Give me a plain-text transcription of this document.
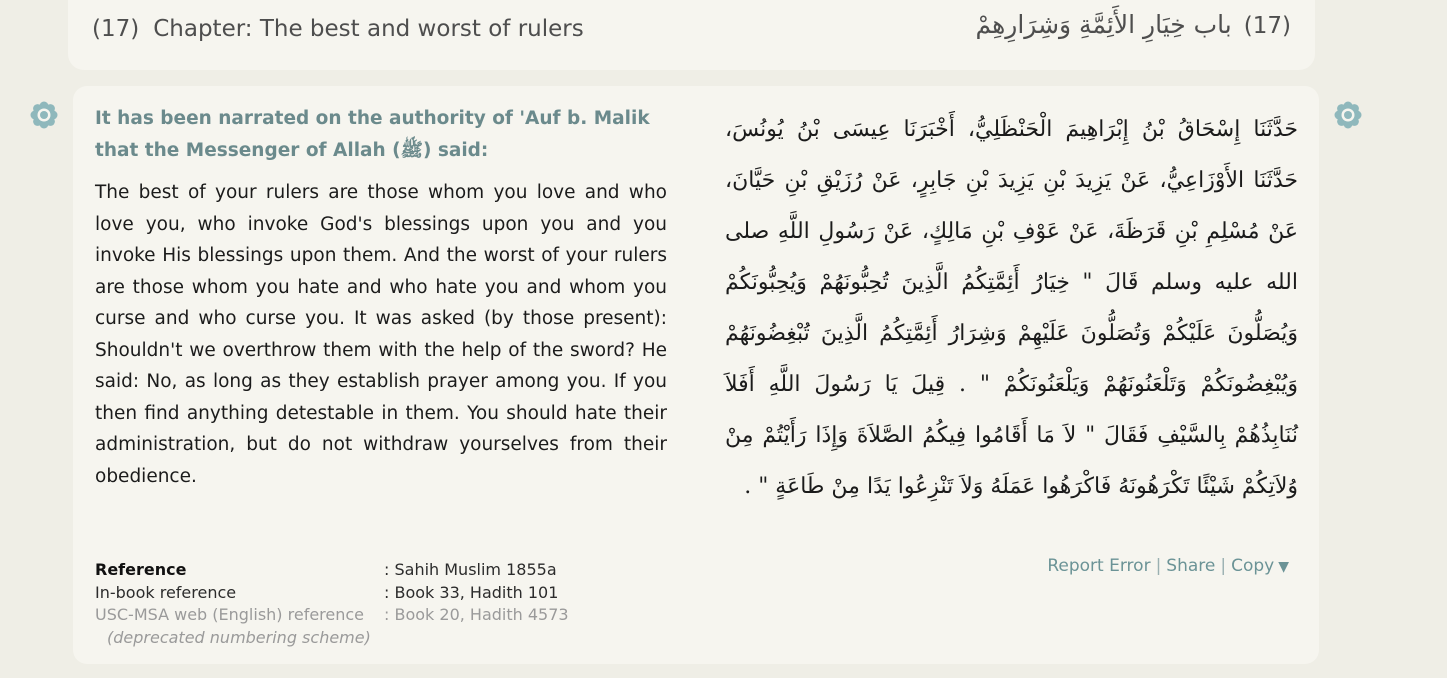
(17) Chapter: The best and worst of rulers	(17)باب خِيَارِ الأَئِمَّةِ وَشِرَارِهِمْ
It has been narrated on the authority of 'Auf b. Malik that the Messenger of Allah (ﷺ) said:
The best of your rulers are those whom you love and who love you, who invoke God's blessings upon you and you invoke His blessings upon them. And the worst of your rulers are those whom you hate and who hate you and whom you curse and who curse you. It was asked (by those present): Shouldn't we overthrow them with the help of the sword? He said: No, as long as they establish prayer among you. If you then find anything detestable in them. You should hate their administration, but do not withdraw yourselves from their obedience.
حَدَّثَنَا إِسْحَاقُ بْنُ إِبْرَاهِيمَ الْحَنْظَلِيُّ، أَخْبَرَنَا عِيسَى بْنُ يُونُسَ، حَدَّثَنَا الأَوْزَاعِيُّ، عَنْ يَزِيدَ بْنِ يَزِيدَ بْنِ جَابِرٍ، عَنْ رُزَيْقِ بْنِ حَيَّانَ، عَنْ مُسْلِمِ بْنِ قَرَظَةَ، عَنْ عَوْفِ بْنِ مَالِكٍ، عَنْ رَسُولِ اللَّهِ صلى الله عليه وسلم قَالَ " خِيَارُ أَئِمَّتِكُمُ الَّذِينَ تُحِبُّونَهُمْ وَيُحِبُّونَكُمْ وَيُصَلُّونَ عَلَيْكُمْ وَتُصَلُّونَ عَلَيْهِمْ وَشِرَارُ أَئِمَّتِكُمُ الَّذِينَ تُبْغِضُونَهُمْ وَيُبْغِضُونَكُمْ وَتَلْعَنُونَهُمْ وَيَلْعَنُونَكُمْ " . قِيلَ يَا رَسُولَ اللَّهِ أَفَلاَ نُنَابِذُهُمْ بِالسَّيْفِ فَقَالَ " لاَ مَا أَقَامُوا فِيكُمُ الصَّلاَةَ وَإِذَا رَأَيْتُمْ مِنْ وُلاَتِكُمْ شَيْئًا تَكْرَهُونَهُ فَاكْرَهُوا عَمَلَهُ وَلاَ تَنْزِعُوا يَدًا مِنْ طَاعَةٍ " .
Reference	: Sahih Muslim 1855a
In-book reference	: Book 33, Hadith 101
USC-MSA web (English) reference	: Book 20, Hadith 4573
(deprecated numbering scheme)
Report Error | Share | Copy ▼
